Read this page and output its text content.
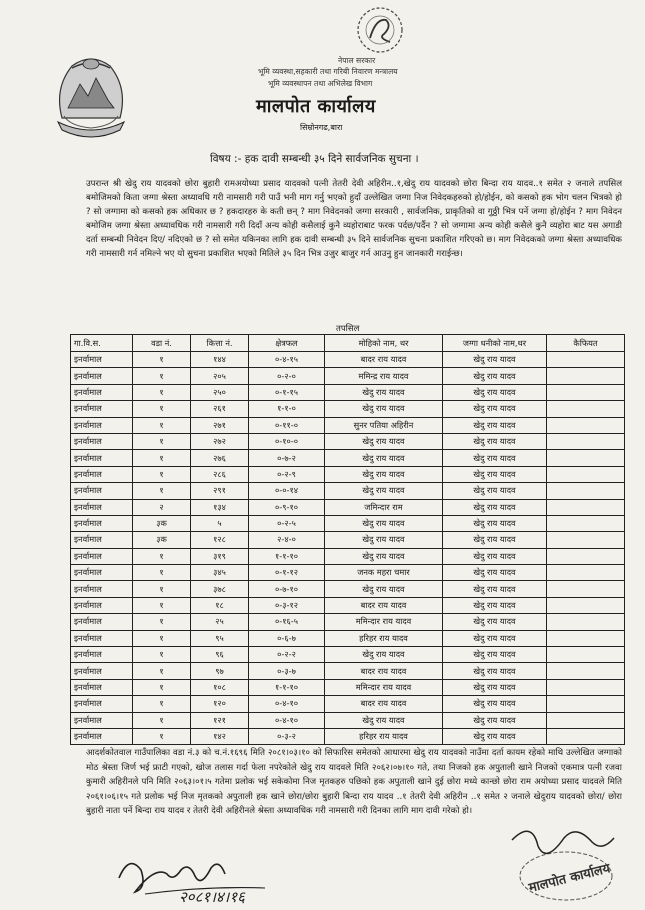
नेपाल सरकार
भूमि व्यवस्था,सहकारी तथा गरिबी निवारण मन्त्रालय
भूमि व्यवस्थापन तथा अभिलेख विभाग
मालपोत कार्यालय
सिम्रोनगढ,बारा
विषय :- हक दावी सम्बन्धी ३५ दिने सार्वजनिक सुचना ।
उपरान्त श्री खेदु राय यादवको छोरा बुहारी रामअयोध्या प्रसाद यादवको पत्नी तेतरी देवी अहिरीन..१,खेदु राय यादवको छोरा बिन्दा राय यादव..१ समेत २ जनाले तपसिल बमोजिमको किता जग्गा श्रेस्ता अध्यावधि गरी नामसारी गरी पाउँ भनी माग गर्नु भएको हुदाँ उल्लेखित जग्गा निज निवेदकहरुको हो/होईन, को कसको हक भोग चलन भित्रको हो ? सो जग्गामा को कसको हक अधिकार छ ? हकदारहरु के कती छन् ? माग निवेदनको जग्गा सरकारी , सार्वजनिक, प्राकृतिको वा गुठ्ठी भित्र पर्ने जग्गा हो/होईन ? माग निवेदन बमोजिम जग्गा श्रेस्ता अध्यावधिक गरी नामसारी गरी दिदाँ अन्य कोही कसैलाई कुनै व्यहोराबाट फरक पर्दछ/पर्दैन ? सो जग्गामा अन्य कोही कसैले कुनै व्यहोरा बाट यस अगाडी दर्ता सम्बन्धी निवेदन दिए/ नदिएको छ ? सो समेत यकिनका लागि हक दावी सम्बन्धी ३५ दिने सार्वजनिक सुचना प्रकाशित गरिएको छ। माग निवेदकको जग्गा श्रेस्ता अध्यावधिक गरी नामसारी गर्न नमिल्ने भए यो सुचना प्रकाशित भएको मितिले ३५ दिन भित्र उजुर बाजुर गर्न आउनु हुन जानकारी गराईन्छ।
तपसिल
गा.वि.स.	वडा नं.	कित्ता नं.	क्षेत्रफल	मोहिको नाम, थर	जग्गा धनीको नाम,थर	कैफियत
इनर्वामाल	१	१४४	०-४-१५	बादर राय यादव	खेदु राय यादव	
इनर्वामाल	१	२०५	०-२-०	ममिन्द्र राय यादव	खेदु राय यादव	
इनर्वामाल	१	२५०	०-१-१५	खेदु राय यादव	खेदु राय यादव	
इनर्वामाल	१	२६१	१-१-०	खेदु राय यादव	खेदु राय यादव	
इनर्वामाल	१	२७१	०-११-०	सुनर पतिया अहिरीन	खेदु राय यादव	
इनर्वामाल	१	२७२	०-१०-०	खेदु राय यादव	खेदु राय यादव	
इनर्वामाल	१	२७६	०-७-२	खेदु राय यादव	खेदु राय यादव	
इनर्वामाल	१	२८६	०-२-९	खेदु राय यादव	खेदु राय यादव	
इनर्वामाल	१	२९१	०-०-१४	खेदु राय यादव	खेदु राय यादव	
इनर्वामाल	२	१३४	०-९-१०	जमिन्दार राम	खेदु राय यादव	
इनर्वामाल	३क	५	०-२-५	खेदु राय यादव	खेदु राय यादव	
इनर्वामाल	३क	१२८	२-४-०	खेदु राय यादव	खेदु राय यादव	
इनर्वामाल	१	३१९	१-१-१०	खेदु राय यादव	खेदु राय यादव	
इनर्वामाल	१	३४५	०-१-१२	जनक महरा चमार	खेदु राय यादव	
इनर्वामाल	१	३७८	०-७-१०	खेदु राय यादव	खेदु राय यादव	
इनर्वामाल	१	१८	०-३-१२	बादर राय यादव	खेदु राय यादव	
इनर्वामाल	१	२५	०-१६-५	ममिन्दार राय यादव	खेदु राय यादव	
इनर्वामाल	१	९५	०-६-७	हरिहर राय यादव	खेदु राय यादव	
इनर्वामाल	१	९६	०-२-२	खेदु राय यादव	खेदु राय यादव	
इनर्वामाल	१	९७	०-३-७	बादर राय यादव	खेदु राय यादव	
इनर्वामाल	१	१०८	१-१-१०	ममिन्दार राय यादव	खेदु राय यादव	
इनर्वामाल	१	१२०	०-४-१०	बादर राय यादव	खेदु राय यादव	
इनर्वामाल	१	१२१	०-४-१०	खेदु राय यादव	खेदु राय यादव	
इनर्वामाल	१	१४२	०-३-२	हरिहर राय यादव	खेदु राय यादव	
आदर्शकोतवाल गाउँपालिका वडा नं.३ को च.नं.१६९६ मिति २०८१।०३।१० को सिफारिस समेतको आधारमा खेदु राय यादवको नाउँमा दर्ता कायम रहेको माथि उल्लेखित जग्गाको मोठ श्रेस्ता जिर्ण भई फ्राटी गएको, खोज तलास गर्दा फेला नपरेकोले खेदु राय यादवले मिति २०६२।०७।१० गते, तथा निजको हक अपुताली खाने निजको एकमात्र पत्नी रजवा कुमारी अहिरीनले पनि मिति २०६३।०१।५ गतेमा प्रलोक भई सकेकोमा निज मृतकहरु पछिको हक अपुताली खाने दुई छोरा मध्ये कान्छो छोरा राम अयोध्या प्रसाद यादवले मिति २०६१।०६।१५ गते प्रलोक भई निज मृतकको अपुताली हक खाने छोरा/छोरा बुहारी बिन्दा राय यादव ..१ तेतरी देवी अहिरीन ..१ समेत २ जनाले खेदुराय यादवको छोरा/ छोरा बुहारी नाता पर्ने बिन्दा राय यादव र तेतरी देवी अहिरीनले श्रेस्ता अध्यावधिक गरी नामसारी गरी दिनका लागि माग दावी गरेको हो।
२०८१।४।१६
मालपोत कार्यालय
